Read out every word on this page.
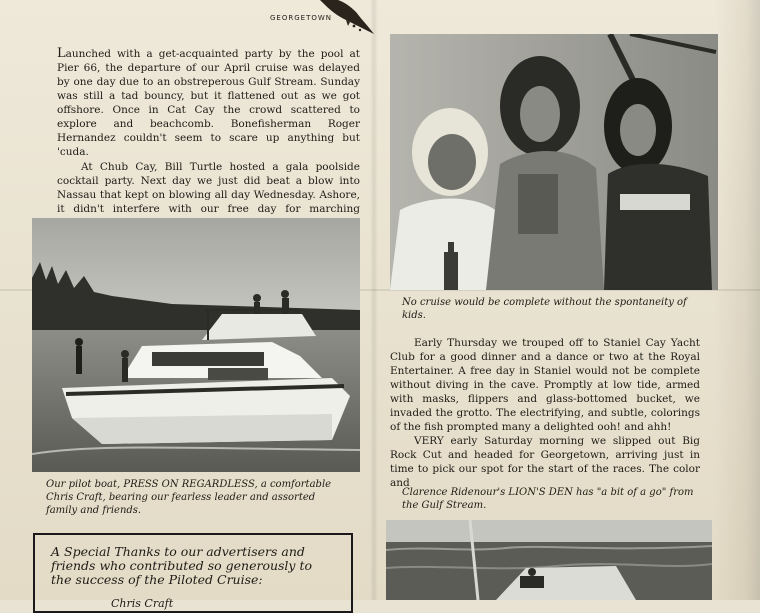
GEORGETOWN

Launched with a get-acquainted party by the pool at Pier 66, the departure of our April cruise was delayed by one day due to an obstreperous Gulf Stream. Sunday was still a tad bouncy, but it flattened out as we got offshore. Once in Cat Cay the crowd scattered to explore and beachcomb. Bonefisherman Roger Hernandez couldn't seem to scare up anything but 'cuda.

At Chub Cay, Bill Turtle hosted a gala poolside cocktail party. Next day we just did beat a blow into Nassau that kept on blowing all day Wednesday. Ashore, it didn't interfere with our free day for marching

Our pilot boat, PRESS ON REGARDLESS, a comfortable Chris Craft, bearing our fearless leader and assorted family and friends.
A Special Thanks to our advertisers and friends who contributed so generously to the success of the Piloted Cruise:
Chris Craft
No cruise would be complete without the spontaneity of kids.

Early Thursday we trouped off to Staniel Cay Yacht Club for a good dinner and a dance or two at the Royal Entertainer. A free day in Staniel would not be complete without diving in the cave. Promptly at low tide, armed with masks, flippers and glass-bottomed bucket, we invaded the grotto. The electrifying, and subtle, colorings of the fish prompted many a delighted ooh! and ahh!

VERY early Saturday morning we slipped out Big Rock Cut and headed for Georgetown, arriving just in time to pick our spot for the start of the races. The color and

Clarence Ridenour's LION'S DEN has "a bit of a go" from the Gulf Stream.
